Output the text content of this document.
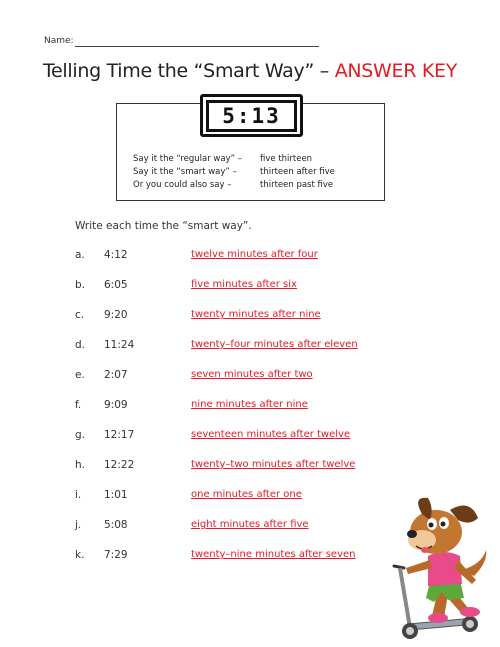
Name:
Telling Time the “Smart Way” – ANSWER KEY
5:13
Say it the “regular way” –	five thirteen
Say it the “smart way” –	thirteen after five
Or you could also say –	thirteen past five
Write each time the “smart way”.
a. 4:12	twelve minutes after four
b. 6:05	five minutes after six
c. 9:20	twenty minutes after nine
d. 11:24	twenty–four minutes after eleven
e. 2:07	seven minutes after two
f. 9:09	nine minutes after nine
g. 12:17	seventeen minutes after twelve
h. 12:22	twenty–two minutes after twelve
i. 1:01	one minutes after one
j. 5:08	eight minutes after five
k. 7:29	twenty–nine minutes after seven
